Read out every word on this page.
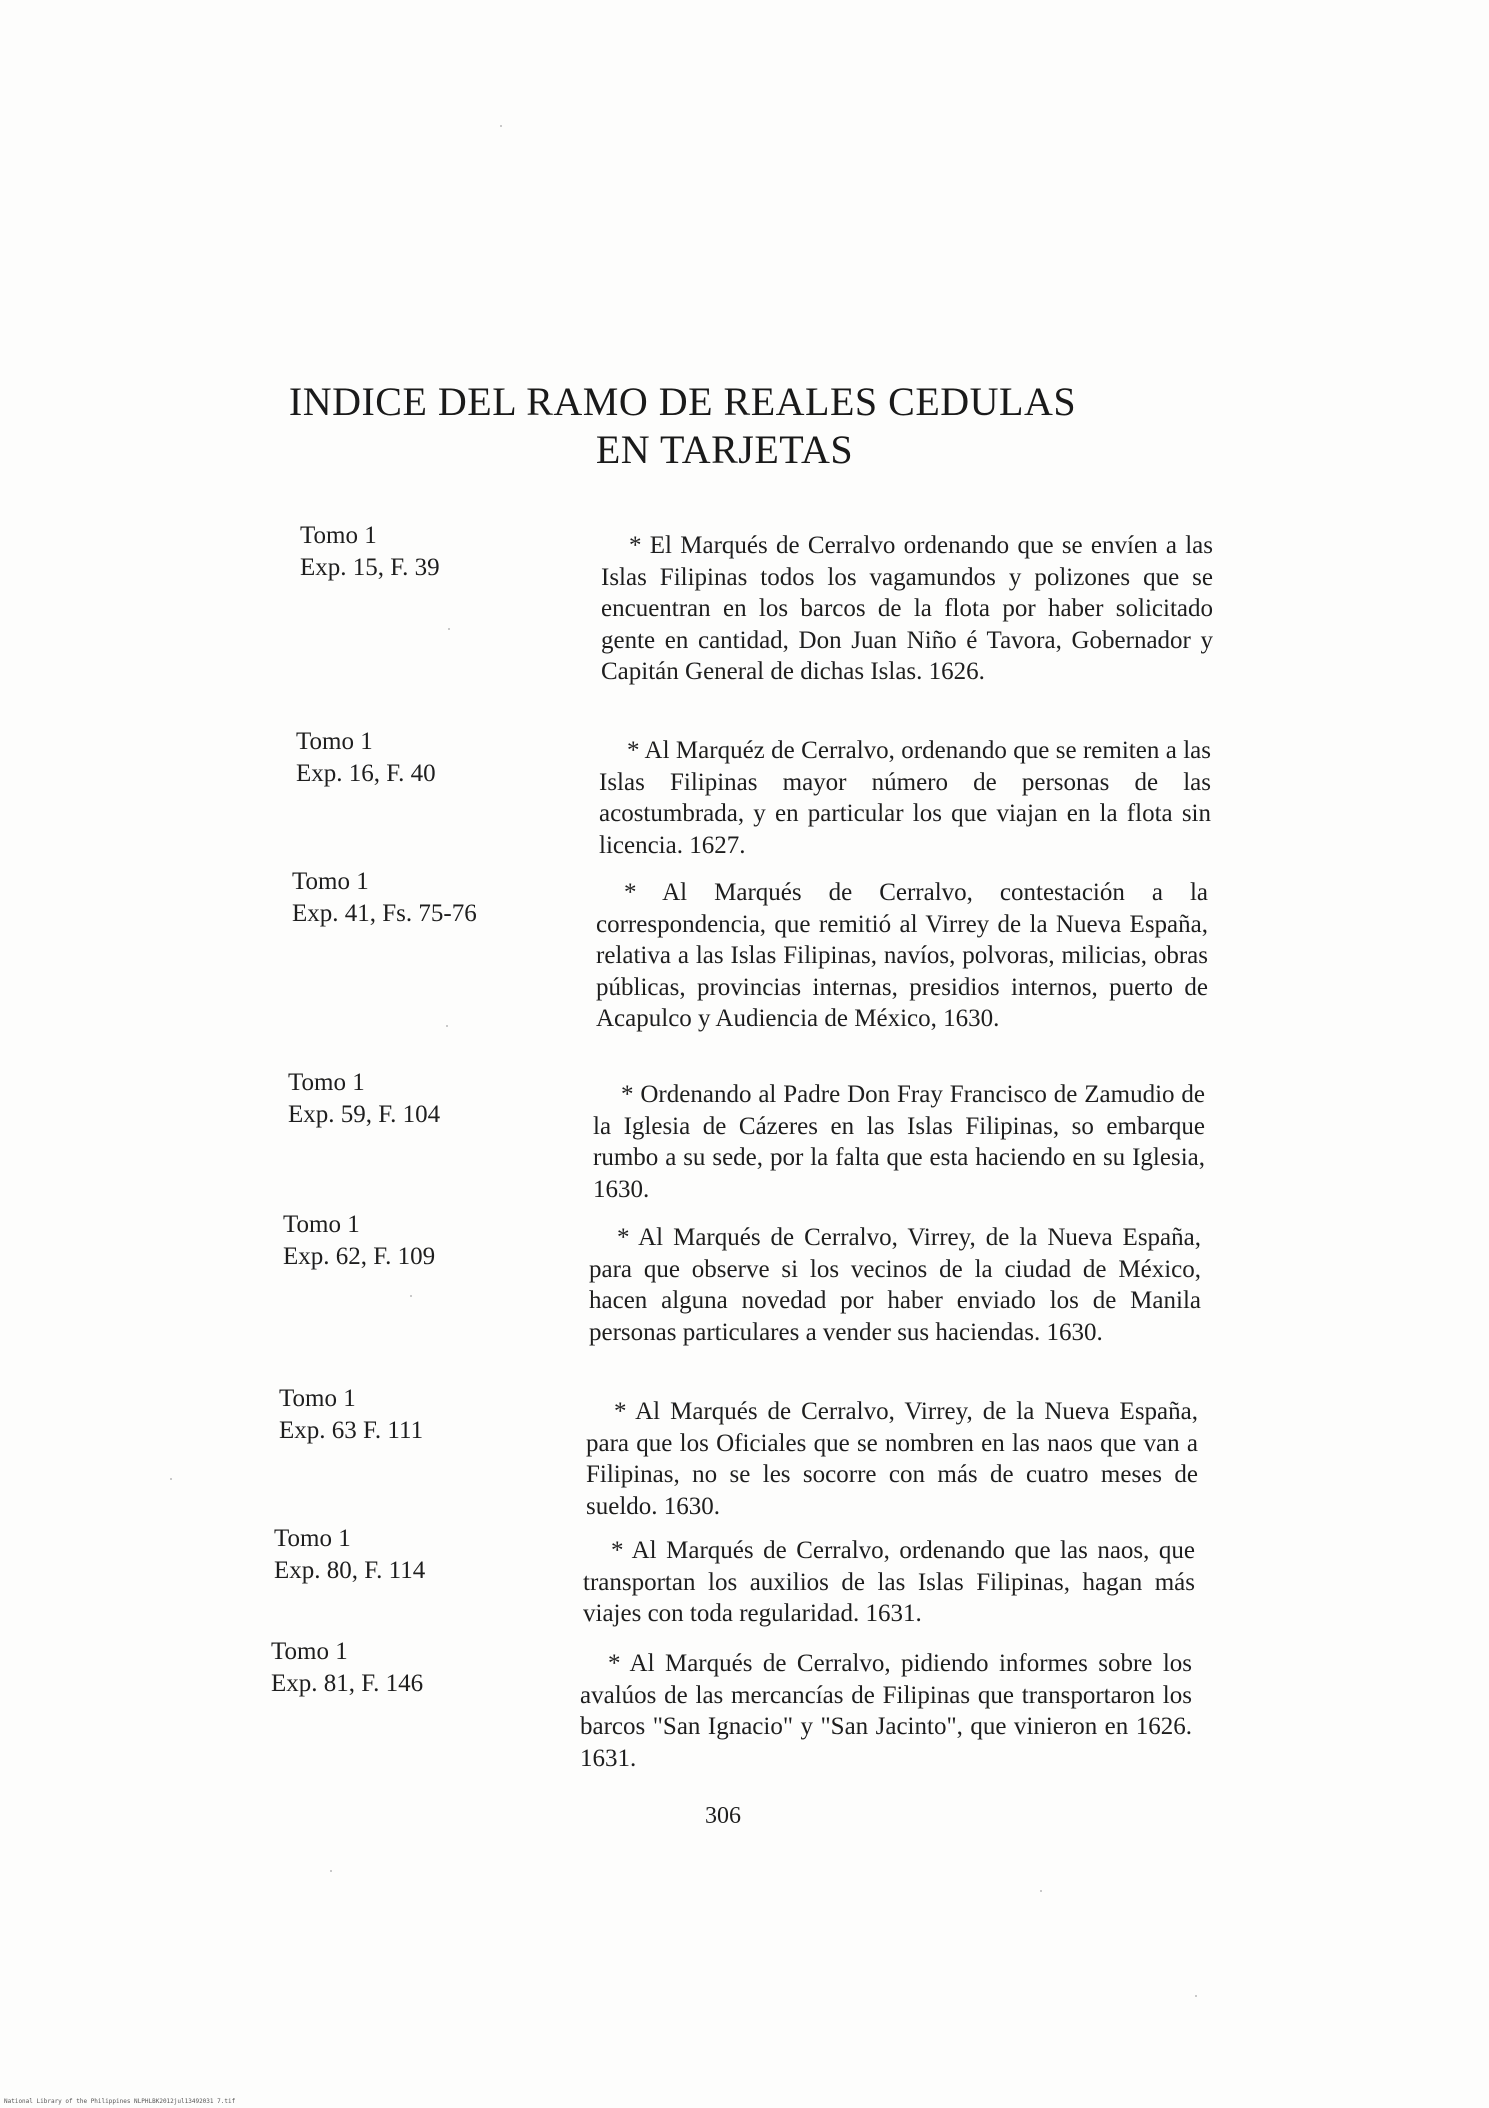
INDICE DEL RAMO DE REALES CEDULAS
EN TARJETAS
Tomo 1
Exp. 15, F. 39
* El Marqués de Cerralvo ordenando que se envíen a las Islas Filipinas todos los vagamundos y polizones que se encuentran en los barcos de la flota por haber solicitado gente en cantidad, Don Juan Niño é Tavora, Gobernador y Capitán General de dichas Islas. 1626.
Tomo 1
Exp. 16, F. 40
* Al Marquéz de Cerralvo, ordenando que se remiten a las Islas Filipinas mayor número de personas de las acostumbrada, y en particular los que viajan en la flota sin licencia. 1627.
Tomo 1
Exp. 41, Fs. 75-76
* Al Marqués de Cerralvo, contestación a la correspondencia, que remitió al Virrey de la Nueva España, relativa a las Islas Filipinas, navíos, polvoras, milicias, obras públicas, provincias internas, presidios internos, puerto de Acapulco y Audiencia de México, 1630.
Tomo 1
Exp. 59, F. 104
* Ordenando al Padre Don Fray Francisco de Zamudio de la Iglesia de Cázeres en las Islas Filipinas, so embarque rumbo a su sede, por la falta que esta haciendo en su Iglesia, 1630.
Tomo 1
Exp. 62, F. 109
* Al Marqués de Cerralvo, Virrey, de la Nueva España, para que observe si los vecinos de la ciudad de México, hacen alguna novedad por haber enviado los de Manila personas particulares a vender sus haciendas. 1630.
Tomo 1
Exp. 63 F. 111
* Al Marqués de Cerralvo, Virrey, de la Nueva España, para que los Oficiales que se nombren en las naos que van a Filipinas, no se les socorre con más de cuatro meses de sueldo. 1630.
Tomo 1
Exp. 80, F. 114
* Al Marqués de Cerralvo, ordenando que las naos, que transportan los auxilios de las Islas Filipinas, hagan más viajes con toda regularidad. 1631.
Tomo 1
Exp. 81, F. 146
* Al Marqués de Cerralvo, pidiendo informes sobre los avalúos de las mercancías de Filipinas que transportaron los barcos "San Ignacio" y "San Jacinto", que vinieron en 1626. 1631.
306
National Library of the Philippines NLPHLBK2012jul13492031 7.tif
